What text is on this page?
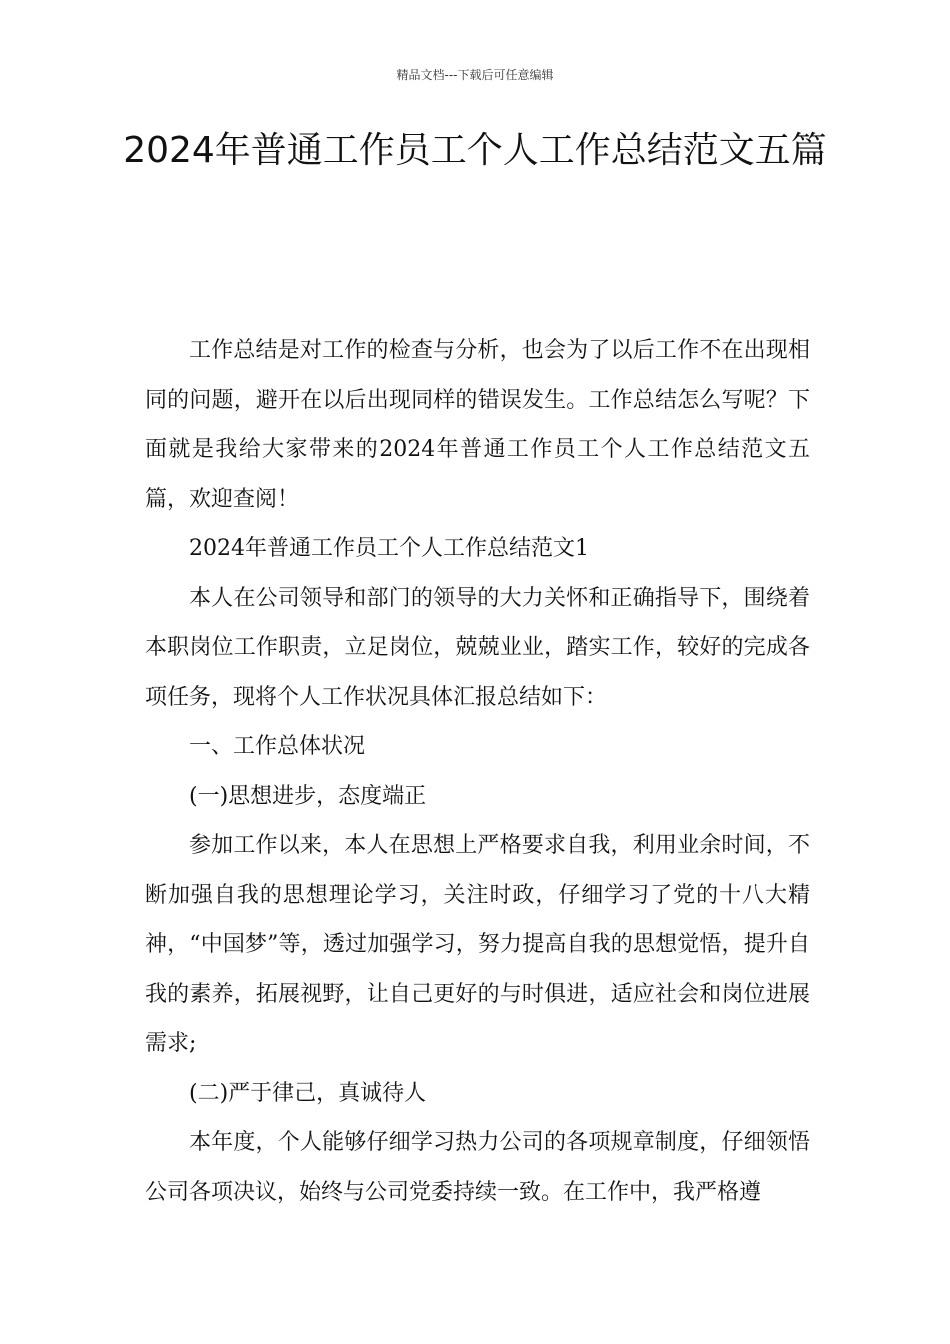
精品文档---下载后可任意编辑
2024年普通工作员工个人工作总结范文五篇

工作总结是对工作的检查与分析，也会为了以后工作不在出现相同的问题，避开在以后出现同样的错误发生。工作总结怎么写呢？下面就是我给大家带来的2024年普通工作员工个人工作总结范文五篇，欢迎查阅！

2024年普通工作员工个人工作总结范文1

本人在公司领导和部门的领导的大力关怀和正确指导下，围绕着本职岗位工作职责，立足岗位，兢兢业业，踏实工作，较好的完成各项任务，现将个人工作状况具体汇报总结如下：

一、工作总体状况

(一)思想进步，态度端正

参加工作以来，本人在思想上严格要求自我，利用业余时间，不断加强自我的思想理论学习，关注时政，仔细学习了党的十八大精神，“中国梦”等，透过加强学习，努力提高自我的思想觉悟，提升自我的素养，拓展视野，让自己更好的与时俱进，适应社会和岗位进展需求;

(二)严于律己，真诚待人

本年度，个人能够仔细学习热力公司的各项规章制度，仔细领悟公司各项决议，始终与公司党委持续一致。在工作中，我严格遵
